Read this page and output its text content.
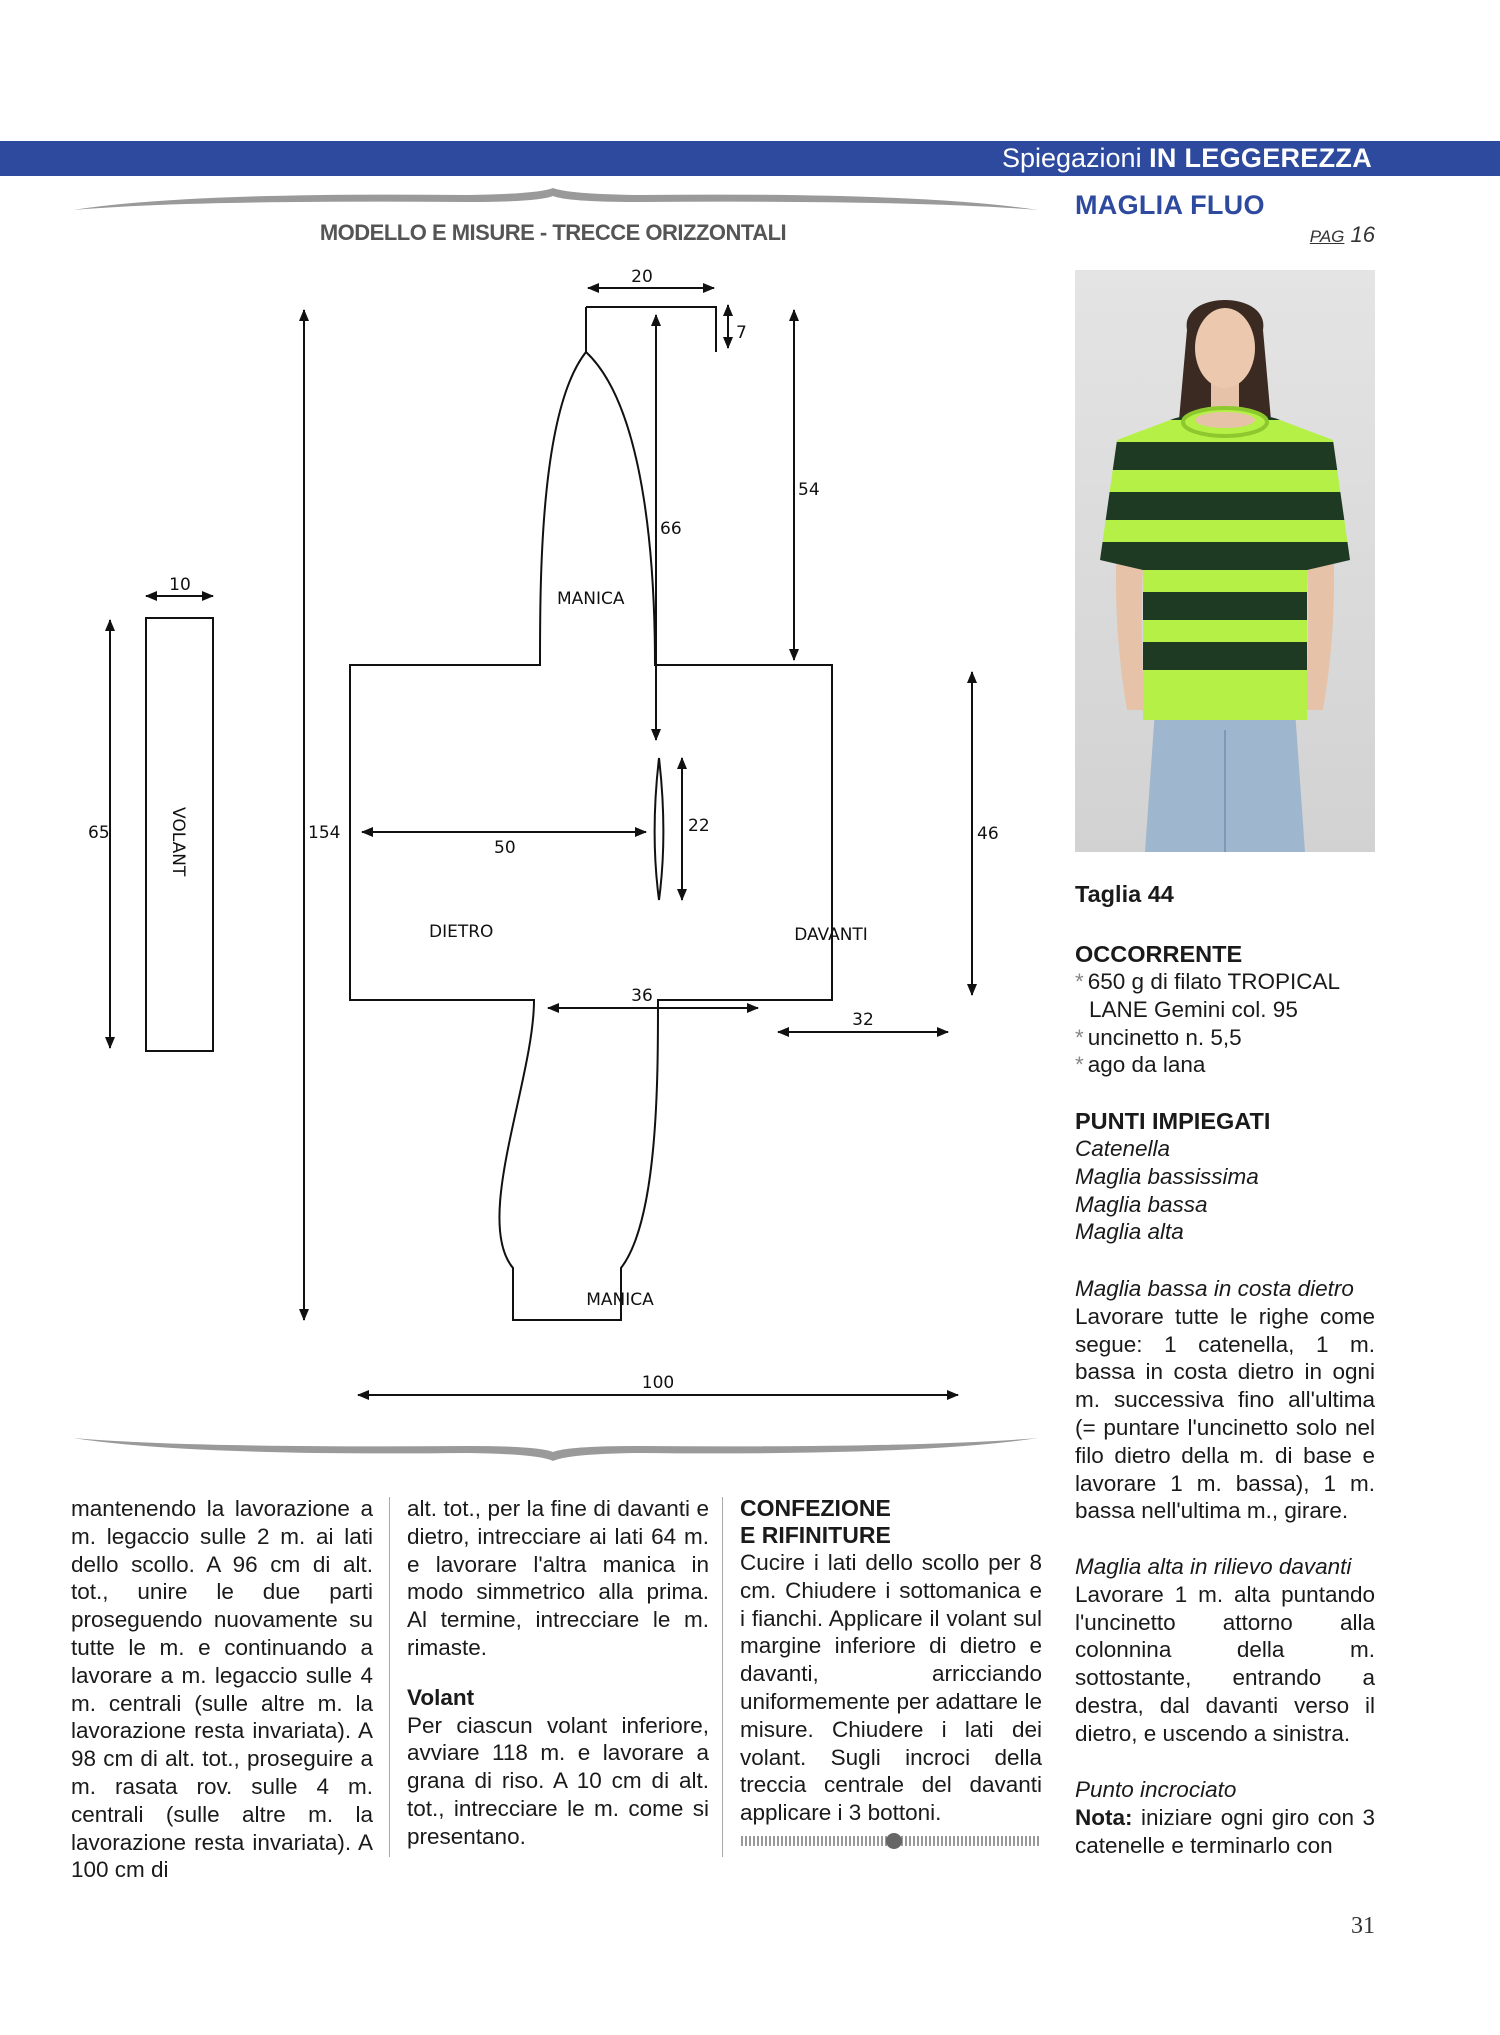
Spiegazioni IN LEGGEREZZA
20
7
54
66
10
65	154
50
22	46
36
32
100
MANICA
MANICA
DIETRO	DAVANTI
VOLANT
MODELLO E MISURE - TRECCE ORIZZONTALI

mantenendo la lavorazione a m. legaccio sulle 2 m. ai lati dello scollo. A 96 cm di alt. tot., unire le due parti proseguendo nuovamente su tutte le m. e continuando a lavorare a m. legaccio sulle 4 m. centrali (sulle altre m. la lavorazione resta invariata). A 98 cm di alt. tot., proseguire a m. rasata rov. sulle 4 m. centrali (sulle altre m. la lavorazione resta invariata). A 100 cm di

alt. tot., per la fine di davanti e dietro, intrecciare ai lati 64 m. e lavorare l'altra manica in modo simmetrico alla prima. Al termine, intrecciare le m. rimaste.

Volant

Per ciascun volant inferiore, avviare 118 m. e lavorare a grana di riso. A 10 cm di alt. tot., intrecciare le m. come si presentano.

CONFEZIONE
E RIFINITURE

Cucire i lati dello scollo per 8 cm. Chiudere i sottomanica e i fianchi. Applicare il volant sul margine inferiore di dietro e davanti, arricciando uniformemente per adattare le misure. Chiudere i lati dei volant. Sugli incroci della treccia centrale del davanti applicare i 3 bottoni.

MAGLIA FLUO
PAG 16
Taglia 44
OCCORRENTE

* 650 g di filato TROPICAL LANE Gemini col. 95

* uncinetto n. 5,5

* ago da lana

PUNTI IMPIEGATI

Catenella

Maglia bassissima

Maglia bassa

Maglia alta

Maglia bassa in costa dietro

Lavorare tutte le righe come segue: 1 catenella, 1 m. bassa in costa dietro in ogni m. successiva fino all'ultima (= puntare l'uncinetto solo nel filo dietro della m. di base e lavorare 1 m. bassa), 1 m. bassa nell'ultima m., girare.

Maglia alta in rilievo davanti

Lavorare 1 m. alta puntando l'uncinetto attorno alla colonnina della m. sottostante, entrando a destra, dal davanti verso il dietro, e uscendo a sinistra.

Punto incrociato

Nota: iniziare ogni giro con 3 catenelle e terminarlo con

31
